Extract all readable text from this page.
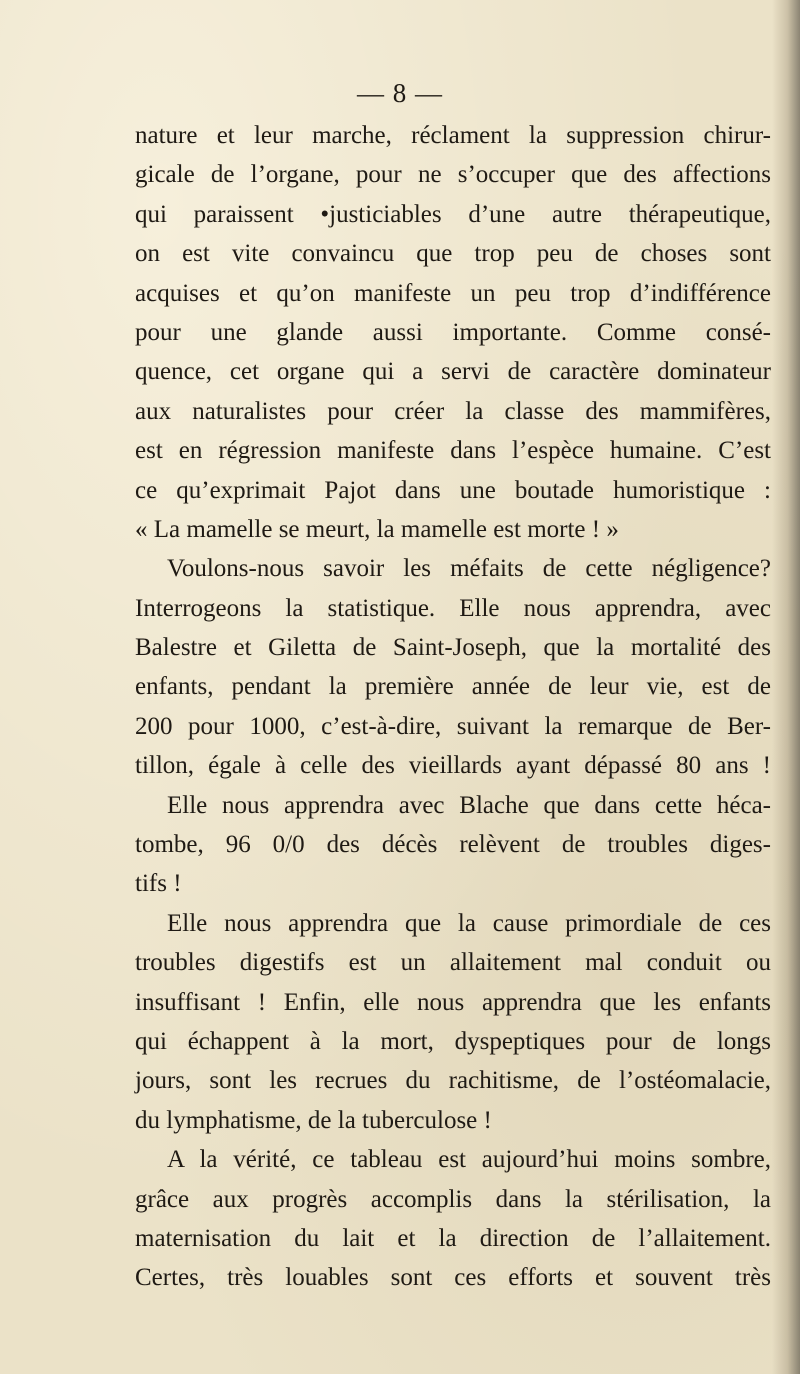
— 8 —
nature et leur marche, réclament la suppression chirur-
gicale de l’organe, pour ne s’occuper que des affections
qui paraissent •justiciables d’une autre thérapeutique,
on est vite convaincu que trop peu de choses sont
acquises et qu’on manifeste un peu trop d’indifférence
pour une glande aussi importante. Comme consé-
quence, cet organe qui a servi de caractère dominateur
aux naturalistes pour créer la classe des mammifères,
est en régression manifeste dans l’espèce humaine. C’est
ce qu’exprimait Pajot dans une boutade humoristique :
« La mamelle se meurt, la mamelle est morte ! »
Voulons-nous savoir les méfaits de cette négligence?
Interrogeons la statistique. Elle nous apprendra, avec
Balestre et Giletta de Saint-Joseph, que la mortalité des
enfants, pendant la première année de leur vie, est de
200 pour 1000, c’est-à-dire, suivant la remarque de Ber-
tillon, égale à celle des vieillards ayant dépassé 80 ans !
Elle nous apprendra avec Blache que dans cette héca-
tombe, 96 0/0 des décès relèvent de troubles diges-
tifs !
Elle nous apprendra que la cause primordiale de ces
troubles digestifs est un allaitement mal conduit ou
insuffisant ! Enfin, elle nous apprendra que les enfants
qui échappent à la mort, dyspeptiques pour de longs
jours, sont les recrues du rachitisme, de l’ostéomalacie,
du lymphatisme, de la tuberculose !
A la vérité, ce tableau est aujourd’hui moins sombre,
grâce aux progrès accomplis dans la stérilisation, la
maternisation du lait et la direction de l’allaitement.
Certes, très louables sont ces efforts et souvent très
